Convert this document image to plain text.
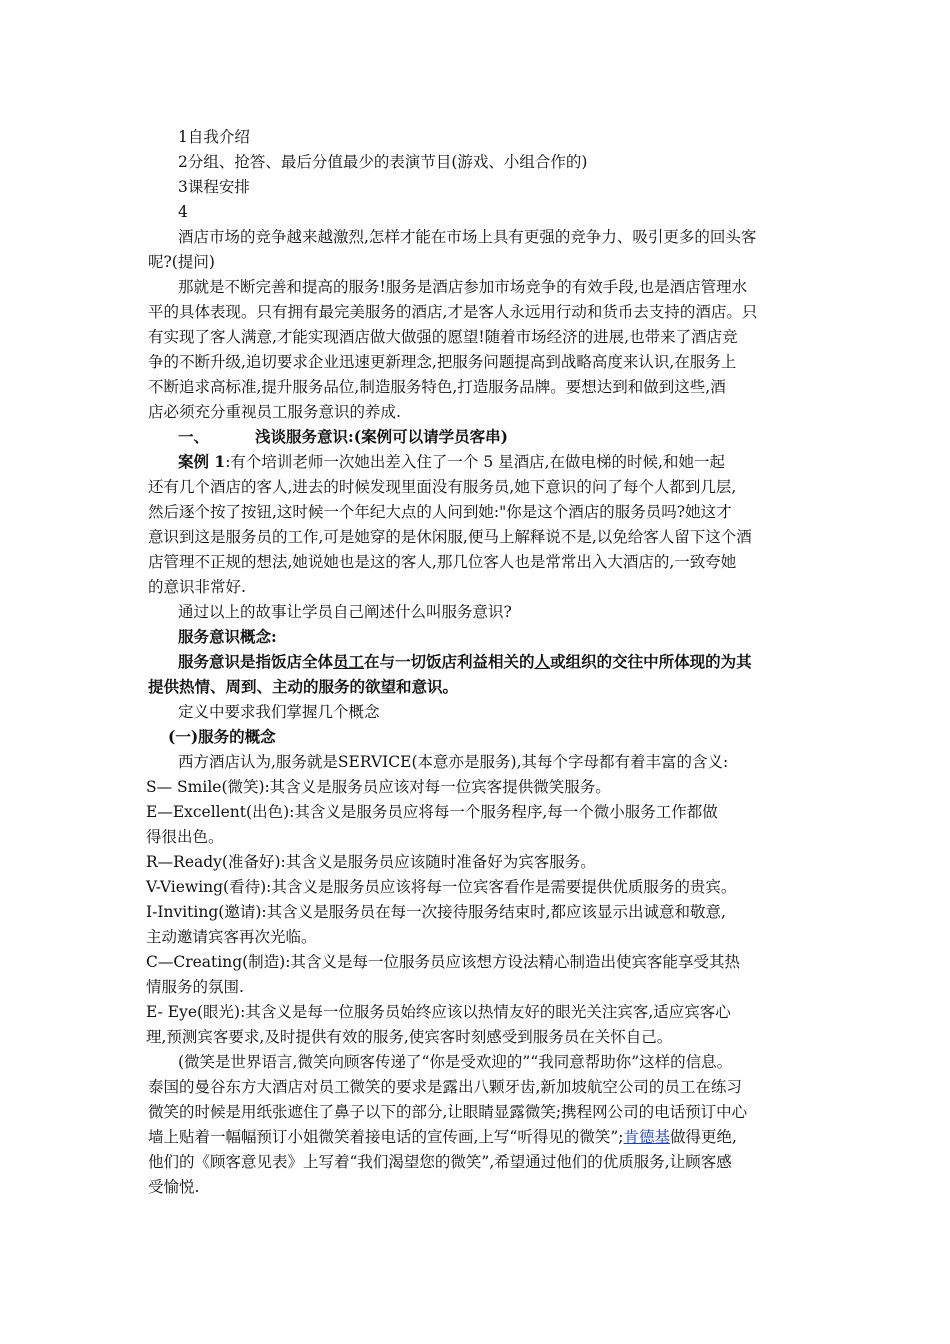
1自我介绍
2分组、抢答、最后分值最少的表演节目(游戏、小组合作的)
3课程安排
4
酒店市场的竞争越来越激烈,怎样才能在市场上具有更强的竞争力、吸引更多的回头客
呢?(提问)
那就是不断完善和提高的服务!服务是酒店参加市场竞争的有效手段,也是酒店管理水
平的具体表现。只有拥有最完美服务的酒店,才是客人永远用行动和货币去支持的酒店。只
有实现了客人满意,才能实现酒店做大做强的愿望!随着市场经济的进展,也带来了酒店竞
争的不断升级,追切要求企业迅速更新理念,把服务问题提高到战略高度来认识,在服务上
不断追求高标准,提升服务品位,制造服务特色,打造服务品牌。要想达到和做到这些,酒
店必须充分重视员工服务意识的养成.
一、	浅谈服务意识:(案例可以请学员客串)
案例 1:有个培训老师一次她出差入住了一个 5 星酒店,在做电梯的时候,和她一起
还有几个酒店的客人,进去的时候发现里面没有服务员,她下意识的问了每个人都到几层,
然后逐个按了按钮,这时候一个年纪大点的人问到她:"你是这个酒店的服务员吗?她这才
意识到这是服务员的工作,可是她穿的是休闲服,便马上解释说不是,以免给客人留下这个酒
店管理不正规的想法,她说她也是这的客人,那几位客人也是常常出入大酒店的,一致夸她
的意识非常好.
通过以上的故事让学员自己阐述什么叫服务意识?
服务意识概念:
服务意识是指饭店全体员工在与一切饭店利益相关的人或组织的交往中所体现的为其
提供热情、周到、主动的服务的欲望和意识。
定义中要求我们掌握几个概念
(一)服务的概念
西方酒店认为,服务就是SERVICE(本意亦是服务),其每个字母都有着丰富的含义:
S— Smile(微笑):其含义是服务员应该对每一位宾客提供微笑服务。
E—Excellent(出色):其含义是服务员应将每一个服务程序,每一个微小服务工作都做
得很出色。
R—Ready(准备好):其含义是服务员应该随时准备好为宾客服务。
V-Viewing(看待):其含义是服务员应该将每一位宾客看作是需要提供优质服务的贵宾。
I-Inviting(邀请):其含义是服务员在每一次接待服务结束时,都应该显示出诚意和敬意,
主动邀请宾客再次光临。
C—Creating(制造):其含义是每一位服务员应该想方设法精心制造出使宾客能享受其热
情服务的氛围.
E- Eye(眼光):其含义是每一位服务员始终应该以热情友好的眼光关注宾客,适应宾客心
理,预测宾客要求,及时提供有效的服务,使宾客时刻感受到服务员在关怀自己。
(微笑是世界语言,微笑向顾客传递了“你是受欢迎的”“我同意帮助你”这样的信息。
泰国的曼谷东方大酒店对员工微笑的要求是露出八颗牙齿,新加坡航空公司的员工在练习
微笑的时候是用纸张遮住了鼻子以下的部分,让眼睛显露微笑;携程网公司的电话预订中心
墙上贴着一幅幅预订小姐微笑着接电话的宣传画,上写“听得见的微笑”;肯德基做得更绝,
他们的《顾客意见表》上写着“我们渴望您的微笑”,希望通过他们的优质服务,让顾客感
受愉悦.
